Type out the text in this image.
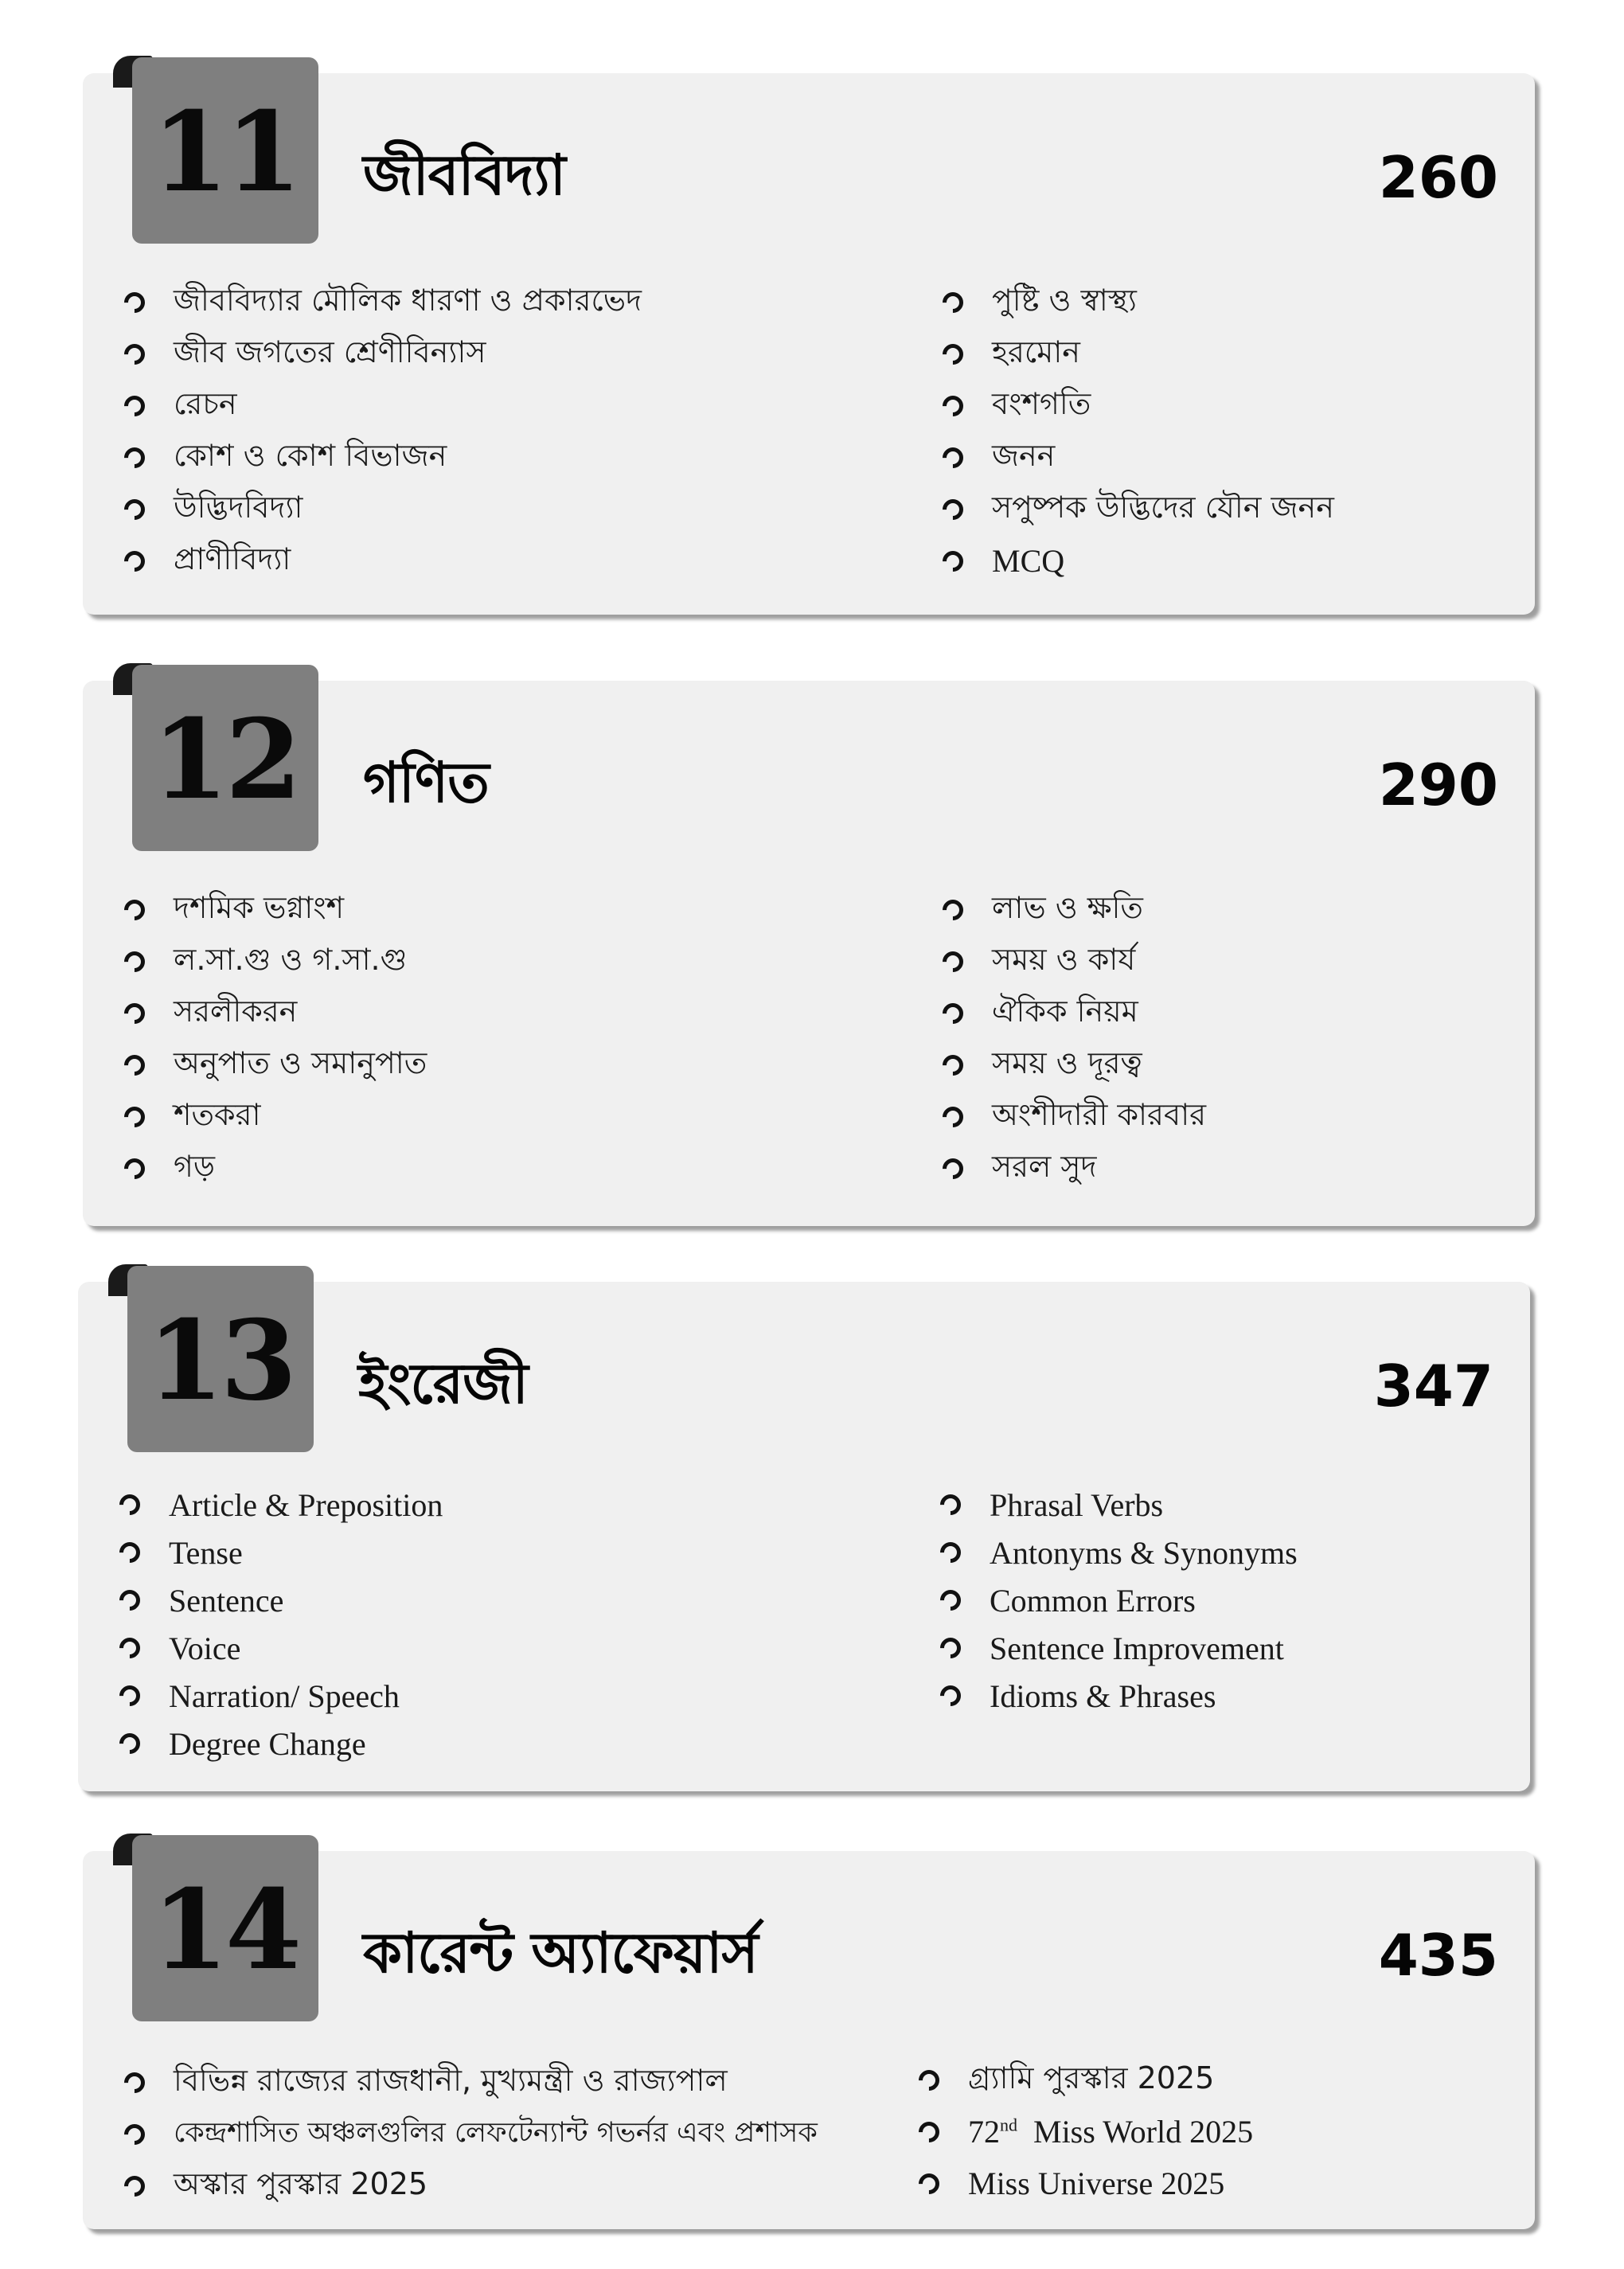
11	জীববিদ্যা	260
জীববিদ্যার মৌলিক ধারণা ও প্রকারভেদ
জীব জগতের শ্রেণীবিন্যাস
রেচন
কোশ ও কোশ বিভাজন
উদ্ভিদবিদ্যা
প্রাণীবিদ্যা
পুষ্টি ও স্বাস্থ্য
হরমোন
বংশগতি
জনন
সপুষ্পক উদ্ভিদের যৌন জনন
MCQ
12	গণিত	290
দশমিক ভগ্নাংশ
ল.সা.গু ও গ.সা.গু
সরলীকরন
অনুপাত ও সমানুপাত
শতকরা
গড়
লাভ ও ক্ষতি
সময় ও কার্য
ঐকিক নিয়ম
সময় ও দূরত্ব
অংশীদারী কারবার
সরল সুদ
13	ইংরেজী	347
Article & Preposition
Tense
Sentence
Voice
Narration/ Speech
Degree Change
Phrasal Verbs
Antonyms & Synonyms
Common Errors
Sentence Improvement
Idioms & Phrases
14	কারেন্ট অ্যাফেয়ার্স	435
বিভিন্ন রাজ্যের রাজধানী, মুখ্যমন্ত্রী ও রাজ্যপাল
কেন্দ্রশাসিত অঞ্চলগুলির লেফটেন্যান্ট গভর্নর এবং প্রশাসক
অস্কার পুরস্কার 2025
গ্র্যামি পুরস্কার 2025
72nd Miss World 2025
Miss Universe 2025
